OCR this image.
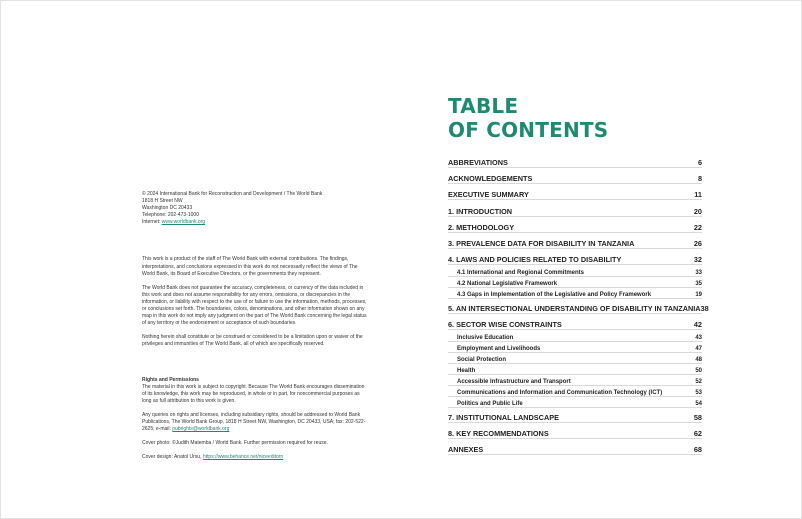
© 2024 International Bank for Reconstruction and Development / The World Bank

1818 H Street NW

Washington DC 20433

Telephone: 202-473-1000

Internet: www.worldbank.org

This work is a product of the staff of The World Bank with external contributions. The findings, interpretations, and conclusions expressed in this work do not necessarily reflect the views of The World Bank, its Board of Executive Directors, or the governments they represent.

The World Bank does not guarantee the accuracy, completeness, or currency of the data included in this work and does not assume responsibility for any errors, omissions, or discrepancies in the information, or liability with respect to the use of or failure to use the information, methods, processes, or conclusions set forth. The boundaries, colors, denominations, and other information shown on any map in this work do not imply any judgment on the part of The World Bank concerning the legal status of any territory or the endorsement or acceptance of such boundaries.

Nothing herein shall constitute or be construed or considered to be a limitation upon or waiver of the privileges and immunities of The World Bank, all of which are specifically reserved.

Rights and Permissions

The material in this work is subject to copyright. Because The World Bank encourages dissemination of its knowledge, this work may be reproduced, in whole or in part, for noncommercial purposes as long as full attribution to this work is given.

Any queries on rights and licenses, including subsidiary rights, should be addressed to World Bank Publications, The World Bank Group, 1818 H Street NW, Washington, DC 20433, USA; fax: 202-522-2625; e-mail: pubrights@worldbank.org

Cover photo: ©Judith Matemba / World Bank. Further permission required for reuse.

Cover design: Anatol Ursu, https://www.behance.net/niceeditorn

TABLE
OF CONTENTS
ABBREVIATIONS	6
ACKNOWLEDGEMENTS	8
EXECUTIVE SUMMARY	11
1. INTRODUCTION	20
2. METHODOLOGY	22
3. PREVALENCE DATA FOR DISABILITY IN TANZANIA	26
4. LAWS AND POLICIES RELATED TO DISABILITY	32
4.1 International and Regional Commitments	33
4.2 National Legislative Framework	35
4.3 Gaps in Implementation of the Legislative and Policy Framework	19
5. AN INTERSECTIONAL UNDERSTANDING OF DISABILITY IN TANZANIA 38
6. SECTOR WISE CONSTRAINTS	42
Inclusive Education	43
Employment and Livelihoods	47
Social Protection	48
Health	50
Accessible Infrastructure and Transport	52
Communications and Information and Communication Technology (ICT)	53
Politics and Public Life	54
7. INSTITUTIONAL LANDSCAPE	58
8. KEY RECOMMENDATIONS	62
ANNEXES	68
